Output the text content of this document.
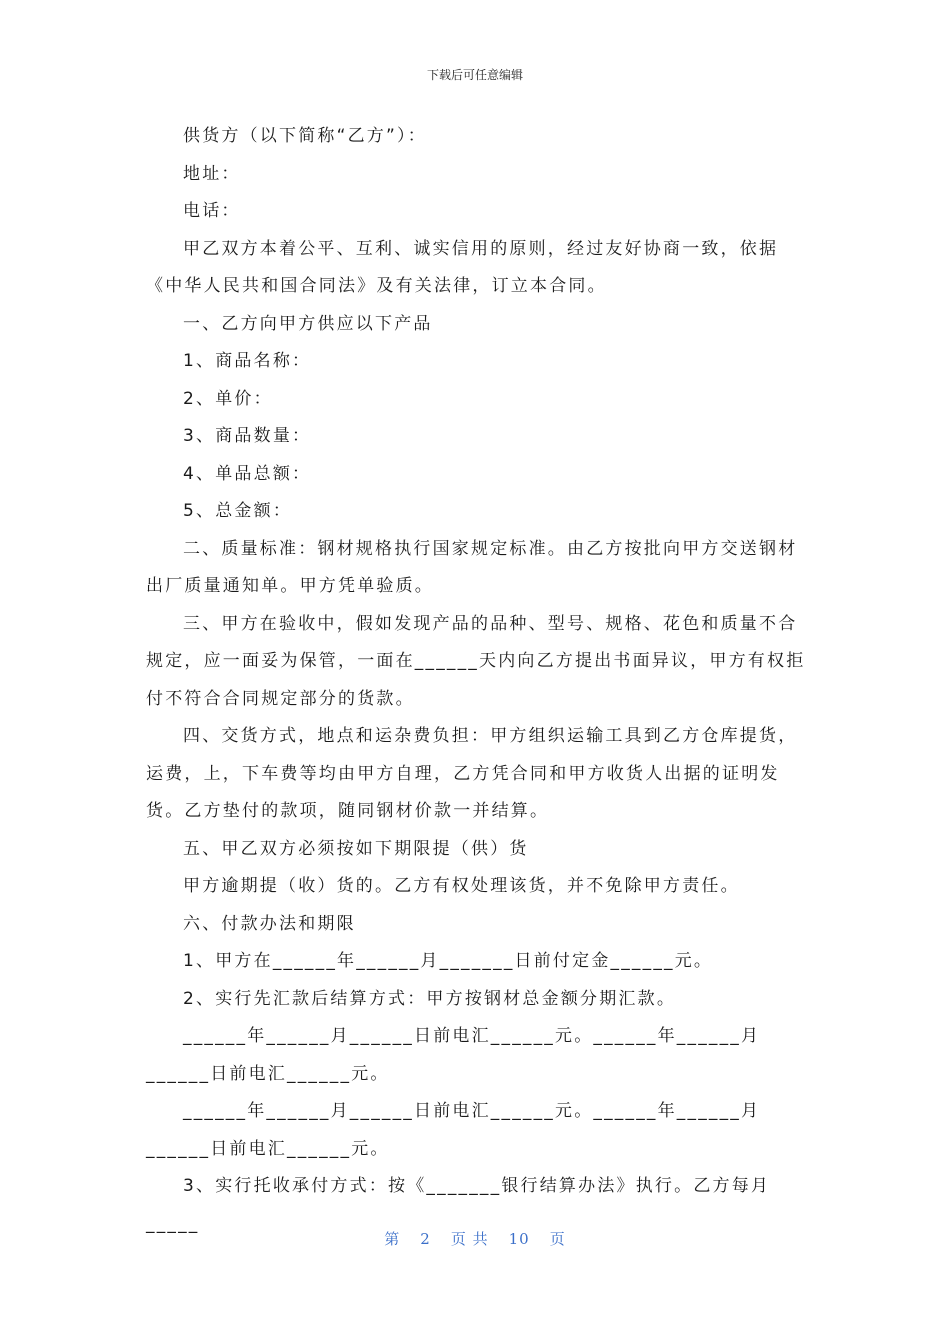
下载后可任意编辑

供货方（以下简称“乙方”）：

地址：

电话：

甲乙双方本着公平、互利、诚实信用的原则，经过友好协商一致，依据《中华人民共和国合同法》及有关法律，订立本合同。

一、乙方向甲方供应以下产品

1、商品名称：

2、单价：

3、商品数量：

4、单品总额：

5、总金额：

二、质量标准：钢材规格执行国家规定标准。由乙方按批向甲方交送钢材出厂质量通知单。甲方凭单验质。

三、甲方在验收中，假如发现产品的品种、型号、规格、花色和质量不合规定，应一面妥为保管，一面在______天内向乙方提出书面异议，甲方有权拒付不符合合同规定部分的货款。

四、交货方式，地点和运杂费负担：甲方组织运输工具到乙方仓库提货，运费，上，下车费等均由甲方自理，乙方凭合同和甲方收货人出据的证明发货。乙方垫付的款项，随同钢材价款一并结算。

五、甲乙双方必须按如下期限提（供）货

甲方逾期提（收）货的。乙方有权处理该货，并不免除甲方责任。

六、付款办法和期限

1、甲方在______年______月_______日前付定金______元。

2、实行先汇款后结算方式：甲方按钢材总金额分期汇款。

______年______月______日前电汇______元。______年______月______日前电汇______元。

______年______月______日前电汇______元。______年______月______日前电汇______元。

3、实行托收承付方式：按《_______银行结算办法》执行。乙方每月_____

第 2 页 共 10 页
